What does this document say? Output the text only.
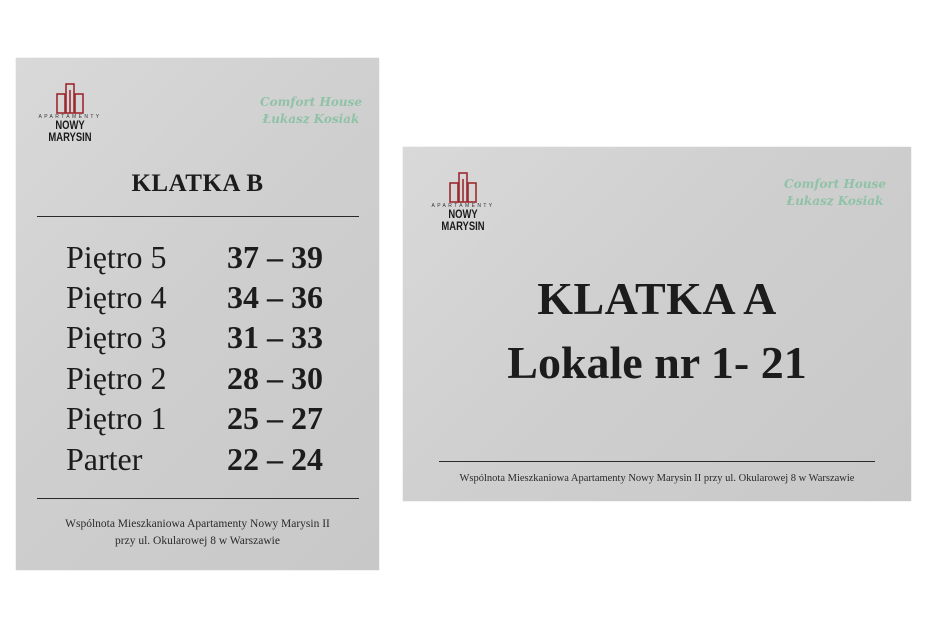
APARTAMENTY
NOWY MARYSIN
Comfort House
Łukasz Kosiak
KLATKA B
Piętro 5 37 – 39
Piętro 4 34 – 36
Piętro 3 31 – 33
Piętro 2 28 – 30
Piętro 1 25 – 27
Parter	22 – 24
Wspólnota Mieszkaniowa Apartamenty Nowy Marysin II
przy ul. Okularowej 8 w Warszawie
APARTAMENTY
NOWY MARYSIN
Comfort House
Łukasz Kosiak
KLATKA A
Lokale nr 1- 21
Wspólnota Mieszkaniowa Apartamenty Nowy Marysin II przy ul. Okularowej 8 w Warszawie
